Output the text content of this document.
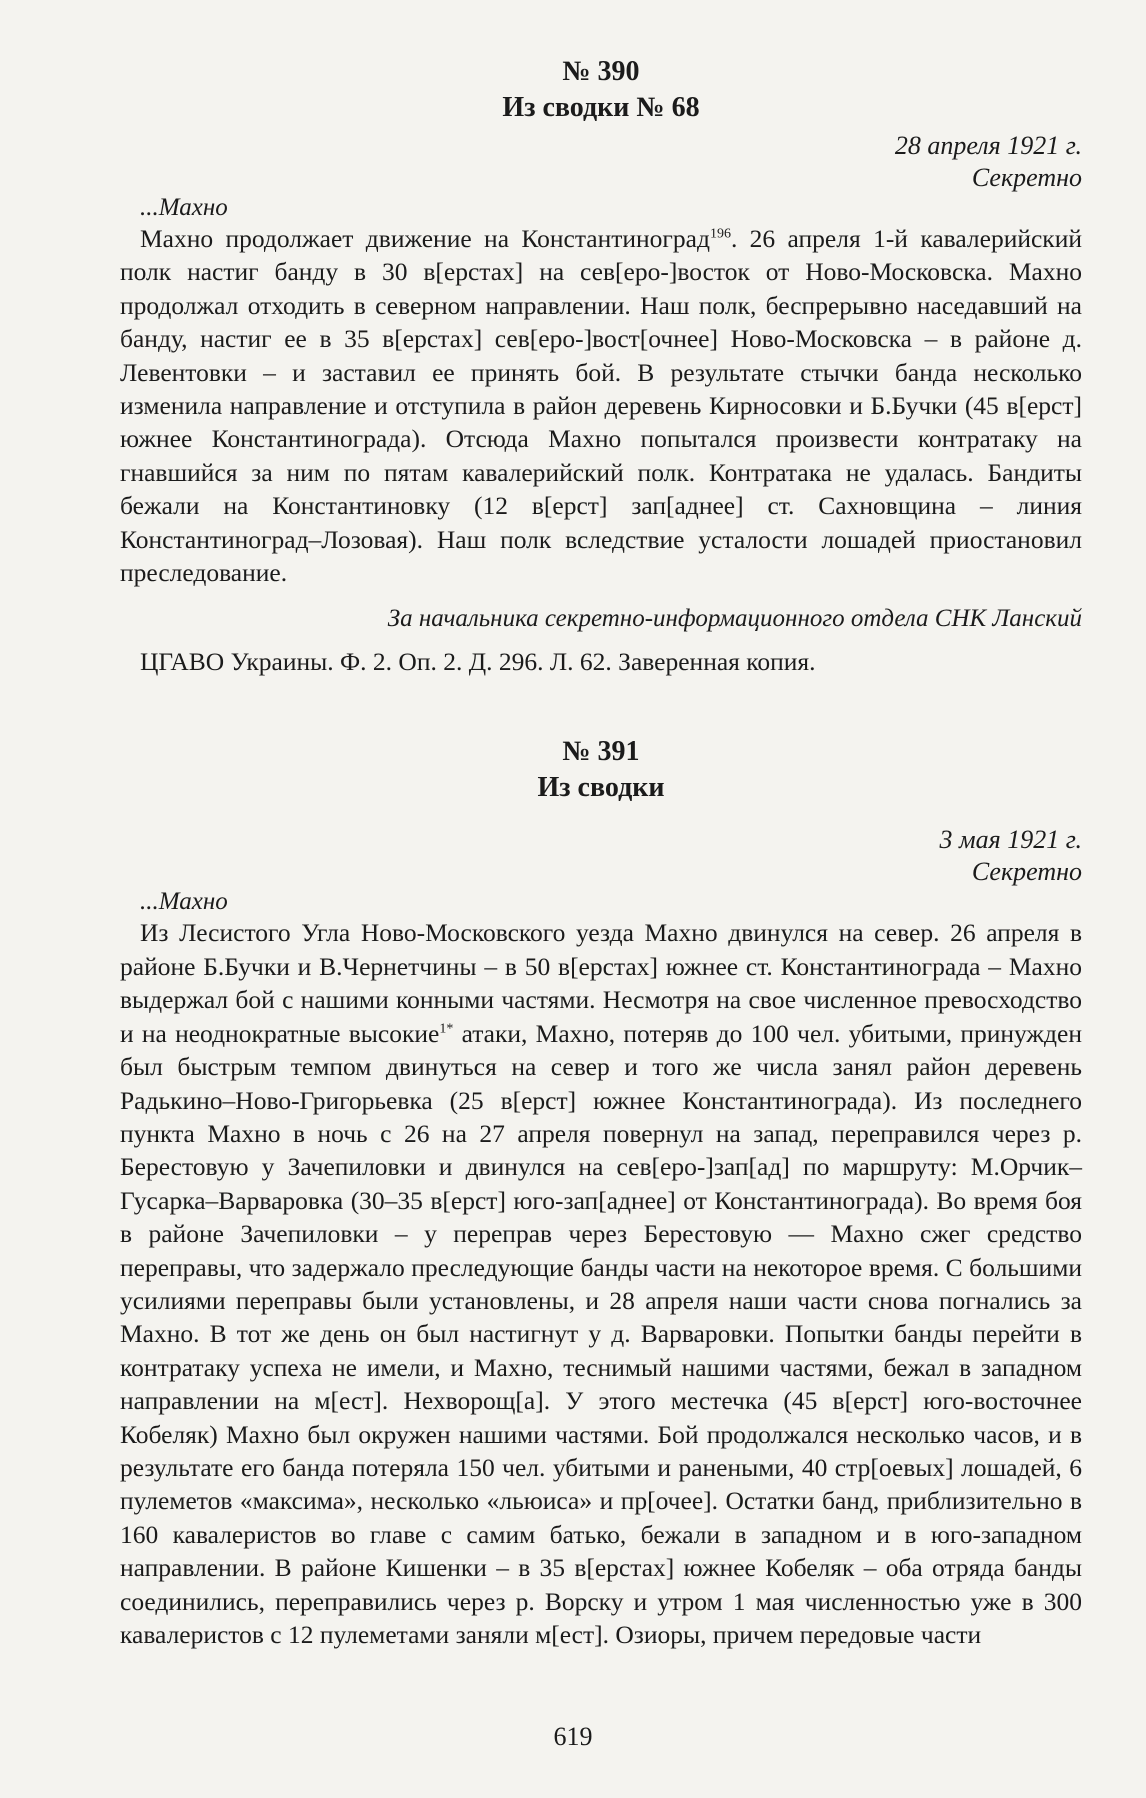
№ 390

Из сводки № 68

28 апреля 1921 г.

Секретно

...Махно

Махно продолжает движение на Константиноград$^{196}$. 26 апреля 1-й кавалерийский полк настиг банду в 30 в[ерстах] на сев[еро-]восток от Ново-Московска. Махно продолжал отходить в северном направлении. Наш полк, беспрерывно наседавший на банду, настиг ее в 35 в[ерстах] сев[еро-]вост[очнее] Ново-Московска – в районе д. Левентовки – и заставил ее принять бой. В результате стычки банда несколько изменила направление и отступила в район деревень Кирносовки и Б.Бучки (45 в[ерст] южнее Константинограда). Отсюда Махно попытался произвести контратаку на гнавшийся за ним по пятам кавалерийский полк. Контратака не удалась. Бандиты бежали на Константиновку (12 в[ерст] зап[аднее] ст. Сахновщина – линия Константиноград–Лозовая). Наш полк вследствие усталости лошадей приостановил преследование.

За начальника секретно-информационного отдела СНК Ланский

ЦГАВО Украины. Ф. 2. Оп. 2. Д. 296. Л. 62. Заверенная копия.

№ 391

Из сводки

3 мая 1921 г.

Секретно

...Махно

Из Лесистого Угла Ново-Московского уезда Махно двинулся на север. 26 апреля в районе Б.Бучки и В.Чернетчины – в 50 в[ерстах] южнее ст. Константинограда – Махно выдержал бой с нашими конными частями. Несмотря на свое численное превосходство и на неоднократные высокие$^{1*}$ атаки, Махно, потеряв до 100 чел. убитыми, принужден был быстрым темпом двинуться на север и того же числа занял район деревень Радькино–Ново-Григорьевка (25 в[ерст] южнее Константинограда). Из последнего пункта Махно в ночь с 26 на 27 апреля повернул на запад, переправился через р. Берестовую у Зачепиловки и двинулся на сев[еро-]зап[ад] по маршруту: М.Орчик–Гусарка–Варваровка (30–35 в[ерст] юго-зап[аднее] от Константинограда). Во время боя в районе Зачепиловки – у переправ через Берестовую — Махно сжег средство переправы, что задержало преследующие банды части на некоторое время. С большими усилиями переправы были установлены, и 28 апреля наши части снова погнались за Махно. В тот же день он был настигнут у д. Варваровки. Попытки банды перейти в контратаку успеха не имели, и Махно, теснимый нашими частями, бежал в западном направлении на м[ест]. Нехворощ[а]. У этого местечка (45 в[ерст] юго-восточнее Кобеляк) Махно был окружен нашими частями. Бой продолжался несколько часов, и в результате его банда потеряла 150 чел. убитыми и ранеными, 40 стр[оевых] лошадей, 6 пулеметов «максима», несколько «льюиса» и пр[очее]. Остатки банд, приблизительно в 160 кавалеристов во главе с самим батько, бежали в западном и в юго-западном направлении. В районе Кишенки – в 35 в[ерстах] южнее Кобеляк – оба отряда банды соединились, переправились через р. Ворску и утром 1 мая численностью уже в 300 кавалеристов с 12 пулеметами заняли м[ест]. Озиоры, причем передовые части

619
